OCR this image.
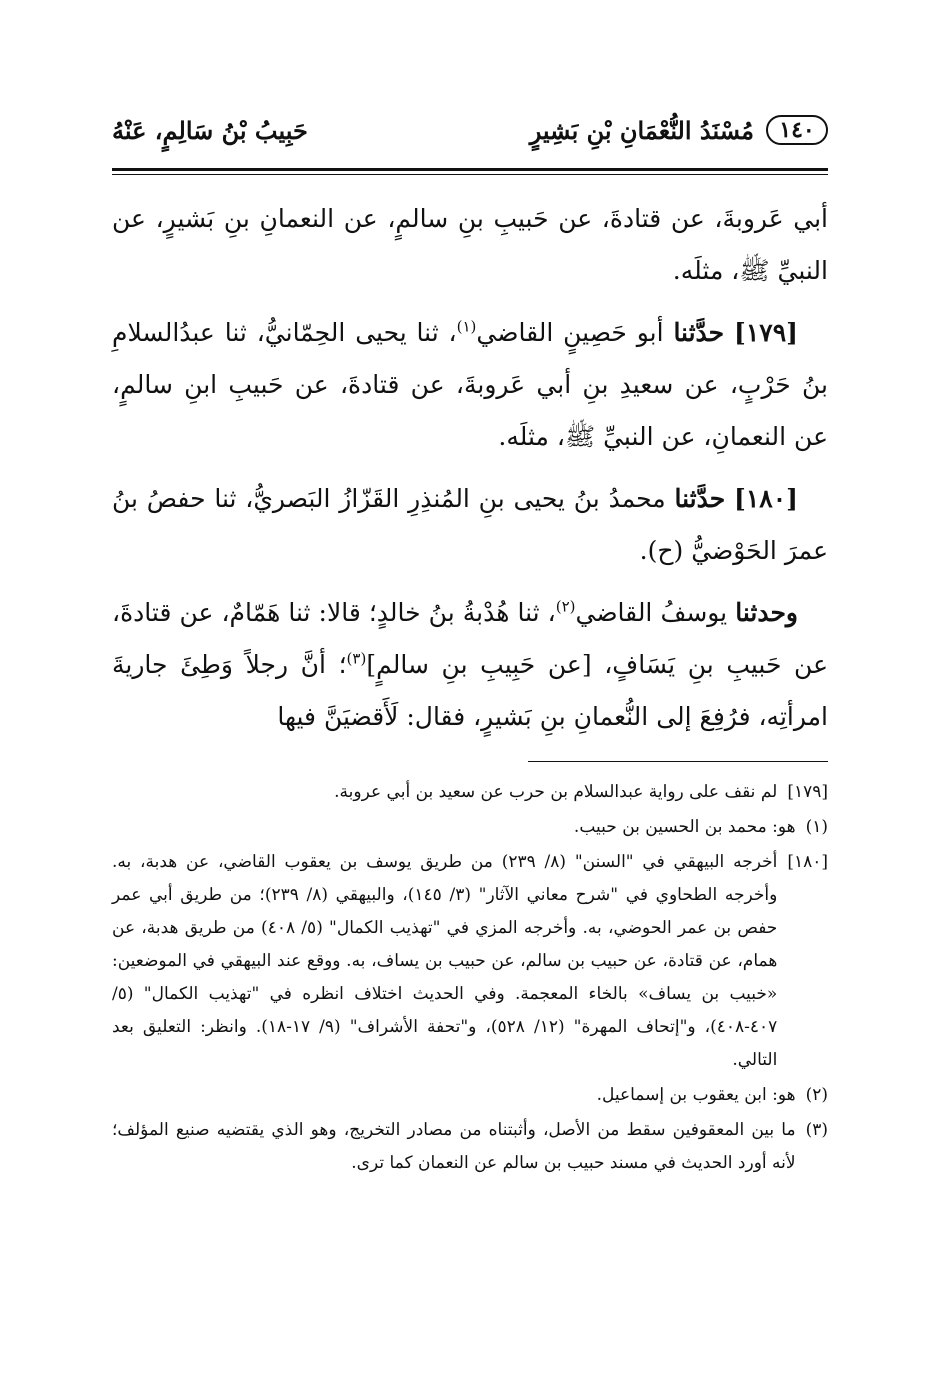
١٤٠
مُسْنَدُ النُّعْمَانِ بْنِ بَشِيرٍ
حَبِيبُ بْنُ سَالِمٍ، عَنْهُ

أبي عَروبةَ، عن قتادةَ، عن حَبيبِ بنِ سالمٍ، عن النعمانِ بنِ بَشيرٍ، عن النبيِّ ﷺ، مثلَه.

[١٧٩] حدَّثنا أبو حَصِينٍ القاضي$^{(١)}$، ثنا يحيى الحِمّانيُّ، ثنا عبدُالسلامِ بنُ حَرْبٍ، عن سعيدِ بنِ أبي عَروبةَ، عن قتادةَ، عن حَبيبِ ابنِ سالمٍ، عن النعمانِ، عن النبيِّ ﷺ، مثلَه.

[١٨٠] حدَّثنا محمدُ بنُ يحيى بنِ المُنذِرِ القَزّازُ البَصريُّ، ثنا حفصُ بنُ عمرَ الحَوْضيُّ (ح).

وحدثنا يوسفُ القاضي$^{(٢)}$، ثنا هُدْبةُ بنُ خالدٍ؛ قالا: ثنا هَمّامٌ، عن قتادةَ، عن حَبيبِ بنِ يَسَافٍ، [عن حَبِيبِ بنِ سالمٍ]$^{(٣)}$؛ أنَّ رجلاً وَطِئَ جاريةَ امرأتِه، فرُفِعَ إلى النُّعمانِ بنِ بَشيرٍ، فقال: لَأَقضيَنَّ فيها

[١٧٩]
لم نقف على رواية عبدالسلام بن حرب عن سعيد بن أبي عروبة.
(١)
هو: محمد بن الحسين بن حبيب.
[١٨٠]
أخرجه البيهقي في "السنن" (٨/ ٢٣٩) من طريق يوسف بن يعقوب القاضي، عن هدبة، به. وأخرجه الطحاوي في "شرح معاني الآثار" (٣/ ١٤٥)، والبيهقي (٨/ ٢٣٩)؛ من طريق أبي عمر حفص بن عمر الحوضي، به. وأخرجه المزي في "تهذيب الكمال" (٥/ ٤٠٨) من طريق هدبة، عن همام، عن قتادة، عن حبيب بن سالم، عن حبيب بن يساف، به. ووقع عند البيهقي في الموضعين: «خبيب بن يساف» بالخاء المعجمة. وفي الحديث اختلاف انظره في "تهذيب الكمال" (٥/ ٤٠٧-٤٠٨)، و"إتحاف المهرة" (١٢/ ٥٢٨)، و"تحفة الأشراف" (٩/ ١٧-١٨). وانظر: التعليق بعد التالي.
(٢)
هو: ابن يعقوب بن إسماعيل.
(٣)
ما بين المعقوفين سقط من الأصل، وأثبتناه من مصادر التخريج، وهو الذي يقتضيه صنيع المؤلف؛ لأنه أورد الحديث في مسند حبيب بن سالم عن النعمان كما ترى.
